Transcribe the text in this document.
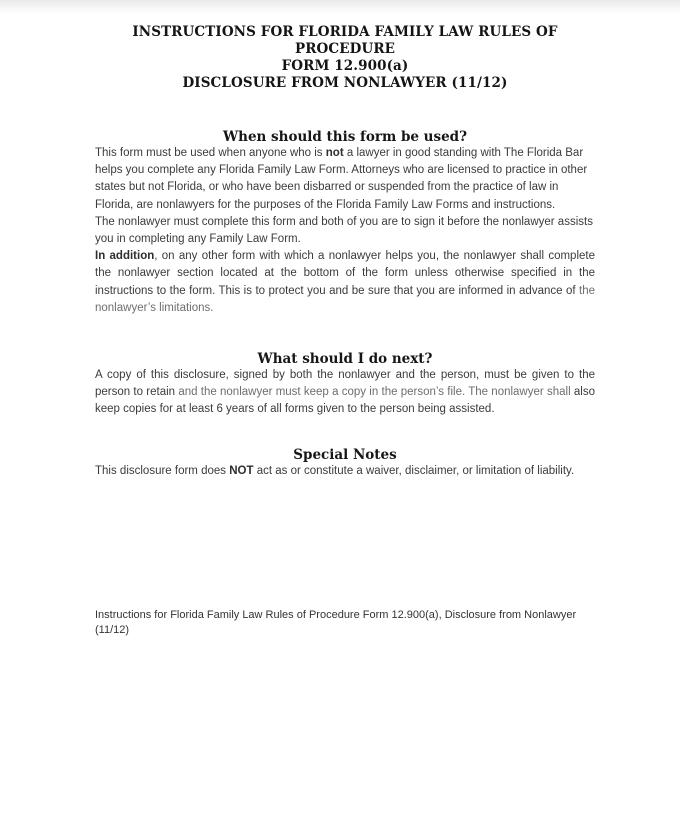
INSTRUCTIONS FOR FLORIDA FAMILY LAW RULES OF PROCEDURE
FORM 12.900(a)
DISCLOSURE FROM NONLAWYER (11/12)
When should this form be used?

This form must be used when anyone who is not a lawyer in good standing with The Florida Bar helps you complete any Florida Family Law Form. Attorneys who are licensed to practice in other states but not Florida, or who have been disbarred or suspended from the practice of law in Florida, are nonlawyers for the purposes of the Florida Family Law Forms and instructions.

The nonlawyer must complete this form and both of you are to sign it before the nonlawyer assists you in completing any Family Law Form.

In addition, on any other form with which a nonlawyer helps you, the nonlawyer shall complete the nonlawyer section located at the bottom of the form unless otherwise specified in the instructions to the form. This is to protect you and be sure that you are informed in advance of the nonlawyer’s limitations.

What should I do next?

A copy of this disclosure, signed by both the nonlawyer and the person, must be given to the person to retain and the nonlawyer must keep a copy in the person’s file. The nonlawyer shall also keep copies for at least 6 years of all forms given to the person being assisted.

Special Notes

This disclosure form does NOT act as or constitute a waiver, disclaimer, or limitation of liability.

Instructions for Florida Family Law Rules of Procedure Form 12.900(a), Disclosure from Nonlawyer
(11/12)
